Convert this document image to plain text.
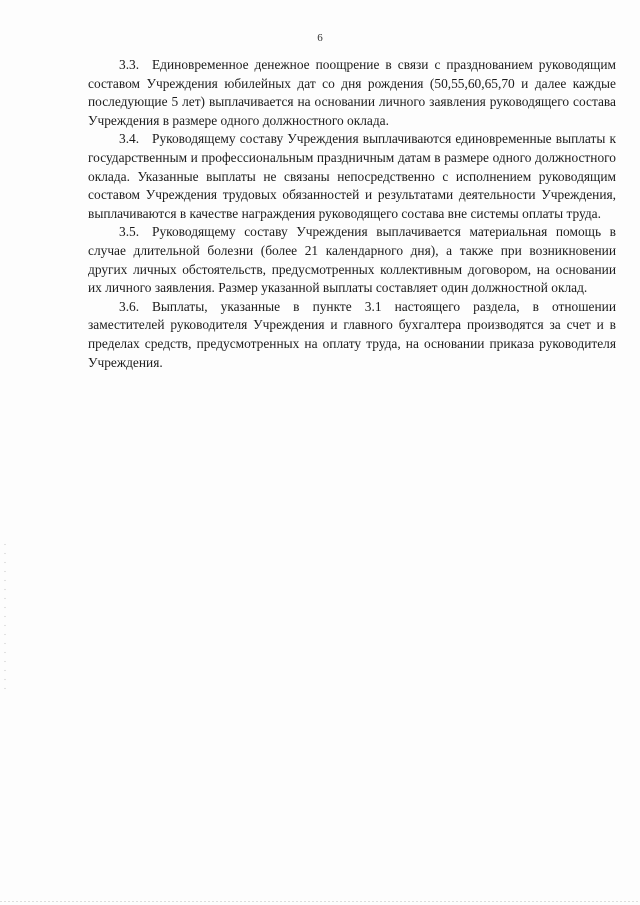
6

3.3. Единовременное денежное поощрение в связи с празднованием руководящим составом Учреждения юбилейных дат со дня рождения (50,55,60,65,70 и далее каждые последующие 5 лет) выплачивается на основании личного заявления руководящего состава Учреждения в размере одного должностного оклада.

3.4. Руководящему составу Учреждения выплачиваются единовременные выплаты к государственным и профессиональным праздничным датам в размере одного должностного оклада. Указанные выплаты не связаны непосредственно с исполнением руководящим составом Учреждения трудовых обязанностей и результатами деятельности Учреждения, выплачиваются в качестве награждения руководящего состава вне системы оплаты труда.

3.5. Руководящему составу Учреждения выплачивается материальная помощь в случае длительной болезни (более 21 календарного дня), а также при возникновении других личных обстоятельств, предусмотренных коллективным договором, на основании их личного заявления. Размер указанной выплаты составляет один должностной оклад.

3.6. Выплаты, указанные в пункте 3.1 настоящего раздела, в отношении заместителей руководителя Учреждения и главного бухгалтера производятся за счет и в пределах средств, предусмотренных на оплату труда, на основании приказа руководителя Учреждения.
